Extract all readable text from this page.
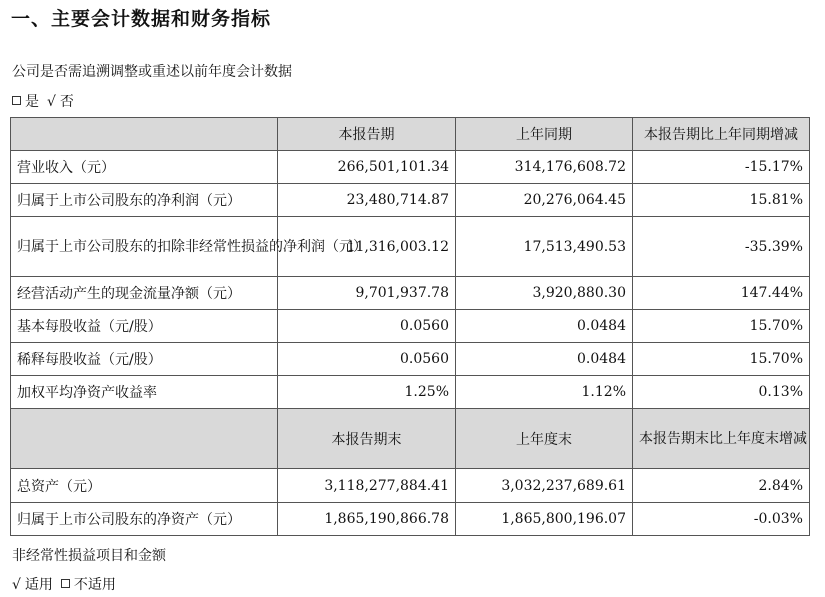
一、主要会计数据和财务指标
公司是否需追溯调整或重述以前年度会计数据
是 √ 否
	本报告期	上年同期	本报告期比上年同期增减
营业收入（元）	266,501,101.34	314,176,608.72	-15.17%
归属于上市公司股东的净利润（元）	23,480,714.87	20,276,064.45	15.81%
归属于上市公司股东的扣除非经常性损益的净利润（元）	11,316,003.12	17,513,490.53	-35.39%
经营活动产生的现金流量净额（元）	9,701,937.78	3,920,880.30	147.44%
基本每股收益（元/股）	0.0560	0.0484	15.70%
稀释每股收益（元/股）	0.0560	0.0484	15.70%
加权平均净资产收益率	1.25%	1.12%	0.13%
	本报告期末	上年度末	本报告期末比上年度末增减
总资产（元）	3,118,277,884.41	3,032,237,689.61	2.84%
归属于上市公司股东的净资产（元）	1,865,190,866.78	1,865,800,196.07	-0.03%
非经常性损益项目和金额
√ 适用 不适用
